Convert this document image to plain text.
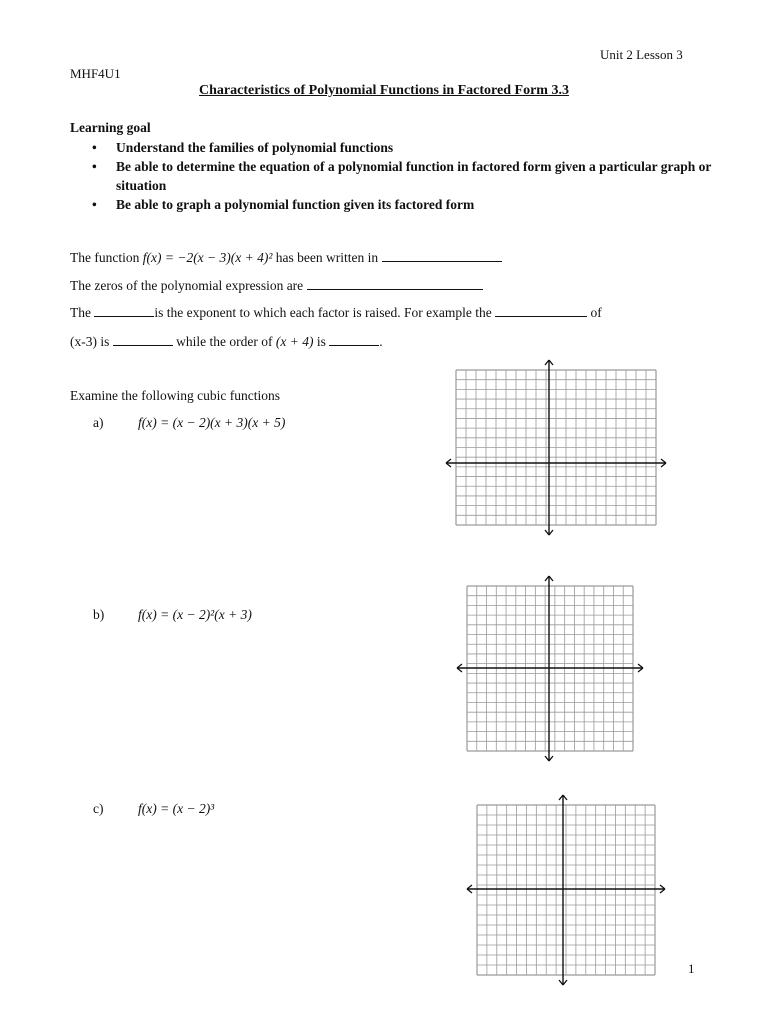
Unit 2 Lesson 3
MHF4U1
Characteristics of Polynomial Functions in Factored Form 3.3
Learning goal
• Understand the families of polynomial functions
• Be able to determine the equation of a polynomial function in factored form given a particular graph or situation
• Be able to graph a polynomial function given its factored form
The function f(x) = −2(x − 3)(x + 4)² has been written in
The zeros of the polynomial expression are
The	is the exponent to which each factor is raised. For example the	of
(x-3) is	while the order of (x + 4) is	.
Examine the following cubic functions
a)	f(x) = (x − 2)(x + 3)(x + 5)
b)	f(x) = (x − 2)²(x + 3)
c)	f(x) = (x − 2)³
1
